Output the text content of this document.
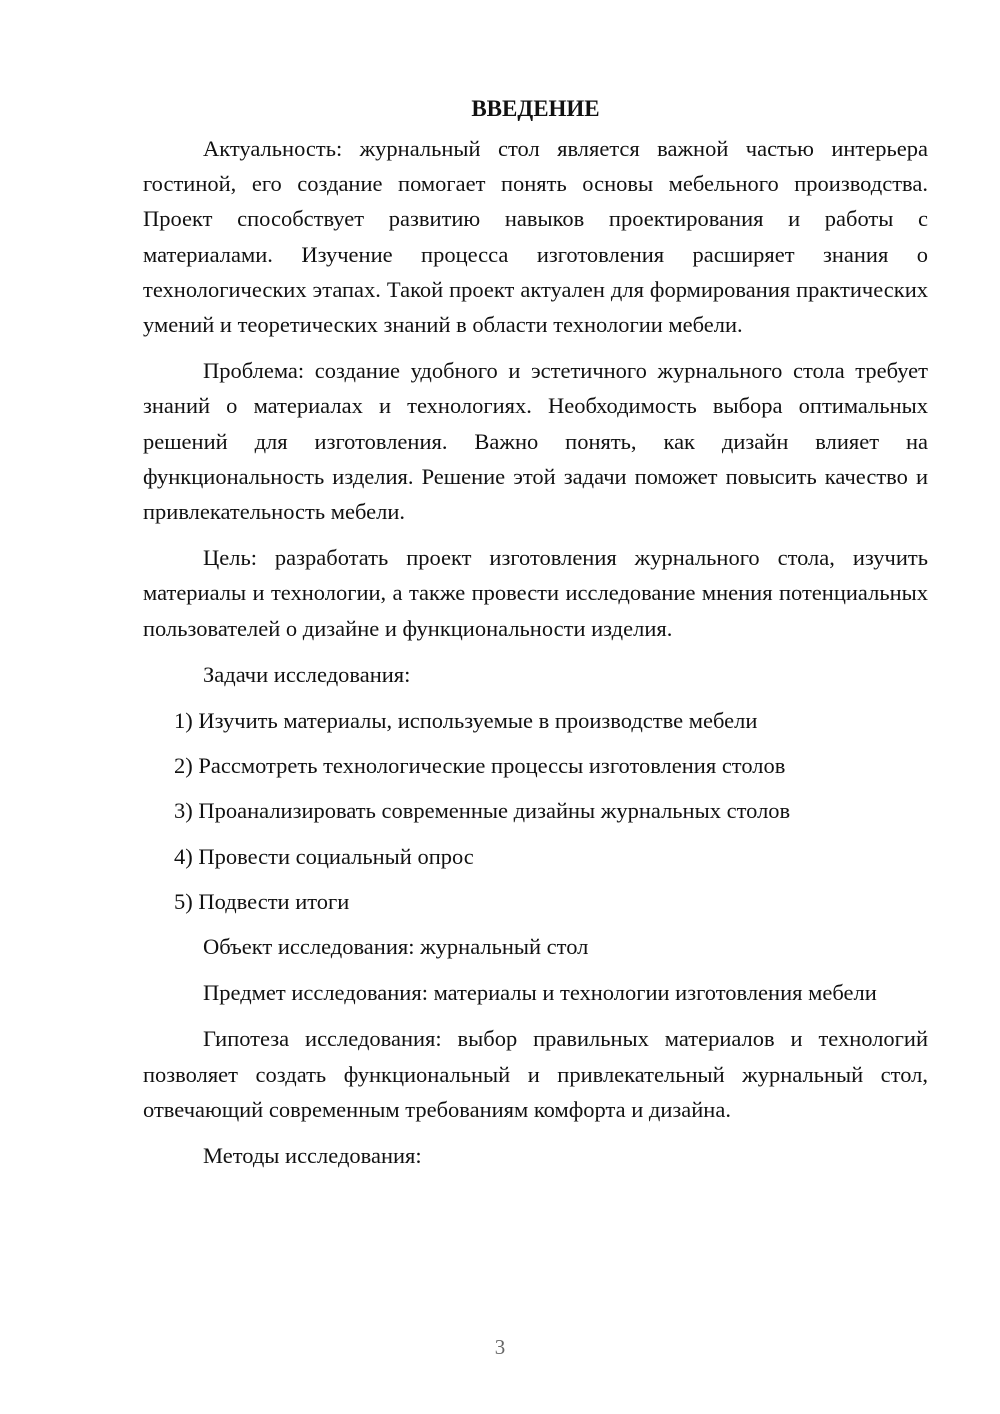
ВВЕДЕНИЕ

Актуальность: журнальный стол является важной частью интерьера гостиной, его создание помогает понять основы мебельного производства. Проект способствует развитию навыков проектирования и работы с материалами. Изучение процесса изготовления расширяет знания о технологических этапах. Такой проект актуален для формирования практических умений и теоретических знаний в области технологии мебели.

Проблема: создание удобного и эстетичного журнального стола требует знаний о материалах и технологиях. Необходимость выбора оптимальных решений для изготовления. Важно понять, как дизайн влияет на функциональность изделия. Решение этой задачи поможет повысить качество и привлекательность мебели.

Цель: разработать проект изготовления журнального стола, изучить материалы и технологии, а также провести исследование мнения потенциальных пользователей о дизайне и функциональности изделия.

Задачи исследования:

1) Изучить материалы, используемые в производстве мебели
2) Рассмотреть технологические процессы изготовления столов
3) Проанализировать современные дизайны журнальных столов
4) Провести социальный опрос
5) Подвести итоги

Объект исследования: журнальный стол

Предмет исследования: материалы и технологии изготовления мебели

Гипотеза исследования: выбор правильных материалов и технологий позволяет создать функциональный и привлекательный журнальный стол, отвечающий современным требованиям комфорта и дизайна.

Методы исследования:

3
